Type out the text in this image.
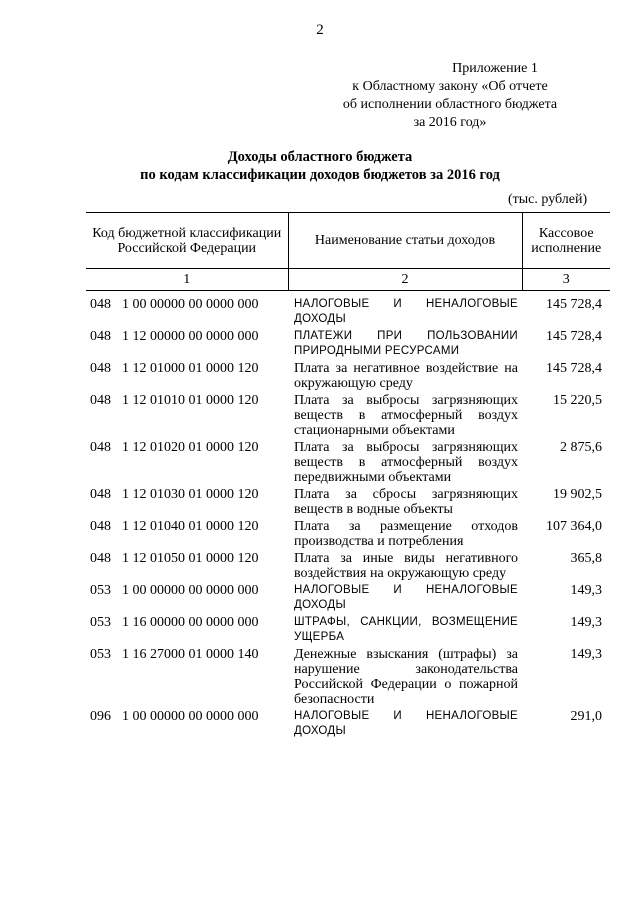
2
Приложение 1
к Областному закону «Об отчете
об исполнении областного бюджета
за 2016 год»
Доходы областного бюджета
по кодам классификации доходов бюджетов за 2016 год
(тыс. рублей)
Код бюджетной классификации Российской Федерации	Наименование статьи доходов	Кассовое исполнение
1	2	3

048 1 00 00000 00 0000 000	НАЛОГОВЫЕ И НЕНАЛОГОВЫЕ ДОХОДЫ	145 728,4
048 1 12 00000 00 0000 000	ПЛАТЕЖИ ПРИ ПОЛЬЗОВАНИИ ПРИРОДНЫМИ РЕСУРСАМИ	145 728,4
048 1 12 01000 01 0000 120	Плата за негативное воздействие на окружающую среду	145 728,4
048 1 12 01010 01 0000 120	Плата за выбросы загрязняющих веществ в атмосферный воздух стационарными объектами	15 220,5
048 1 12 01020 01 0000 120	Плата за выбросы загрязняющих веществ в атмосферный воздух передвижными объектами	2 875,6
048 1 12 01030 01 0000 120	Плата за сбросы загрязняющих веществ в водные объекты	19 902,5
048 1 12 01040 01 0000 120	Плата за размещение отходов производства и потребления	107 364,0
048 1 12 01050 01 0000 120	Плата за иные виды негативного воздействия на окружающую среду	365,8
053 1 00 00000 00 0000 000	НАЛОГОВЫЕ И НЕНАЛОГОВЫЕ ДОХОДЫ	149,3
053 1 16 00000 00 0000 000	ШТРАФЫ, САНКЦИИ, ВОЗМЕЩЕНИЕ УЩЕРБА	149,3
053 1 16 27000 01 0000 140	Денежные взыскания (штрафы) за нарушение законодательства Российской Федерации о пожарной безопасности	149,3
096 1 00 00000 00 0000 000	НАЛОГОВЫЕ И НЕНАЛОГОВЫЕ ДОХОДЫ	291,0
